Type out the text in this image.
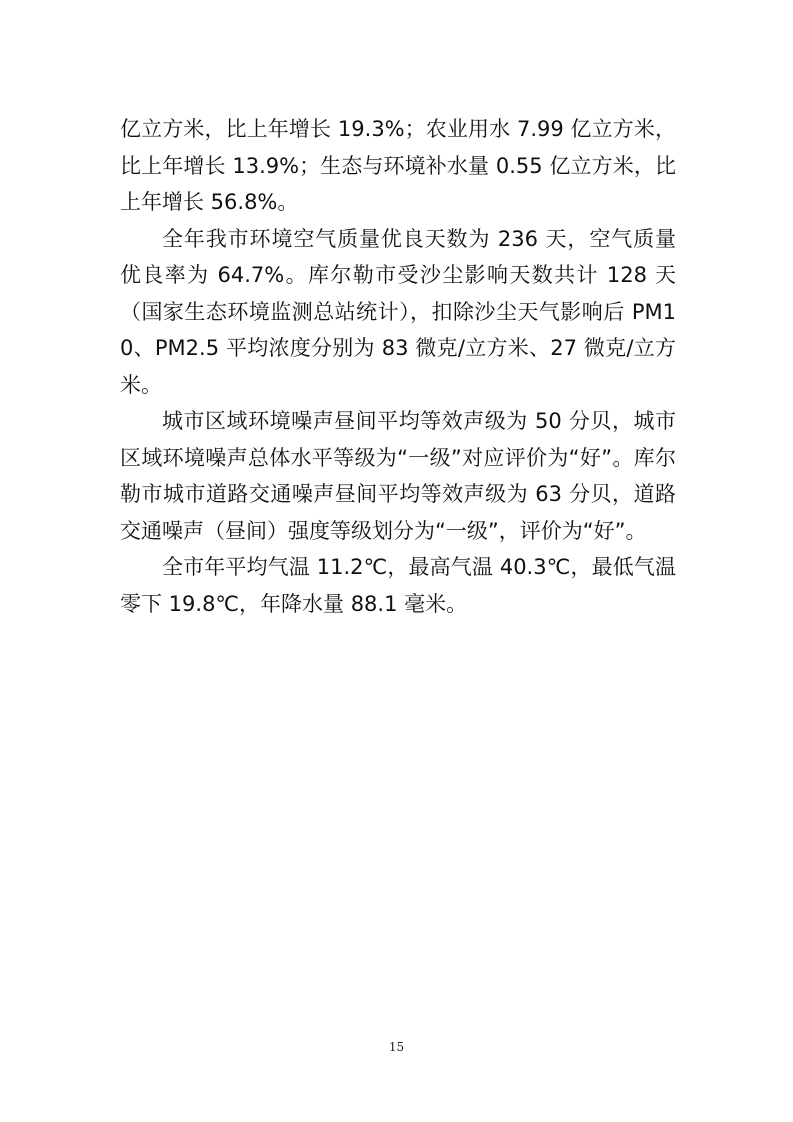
亿立方米，比上年增长 19.3%；农业用水 7.99 亿立方米，比上年增长 13.9%；生态与环境补水量 0.55 亿立方米，比上年增长 56.8%。

全年我市环境空气质量优良天数为 236 天，空气质量优良率为 64.7%。库尔勒市受沙尘影响天数共计 128 天（国家生态环境监测总站统计），扣除沙尘天气影响后 PM10、PM2.5 平均浓度分别为 83 微克/立方米、27 微克/立方米。

城市区域环境噪声昼间平均等效声级为 50 分贝，城市区域环境噪声总体水平等级为“一级”对应评价为“好”。库尔勒市城市道路交通噪声昼间平均等效声级为 63 分贝，道路交通噪声（昼间）强度等级划分为“一级”，评价为“好”。

全市年平均气温 11.2℃，最高气温 40.3℃，最低气温零下 19.8℃，年降水量 88.1 毫米。

15
